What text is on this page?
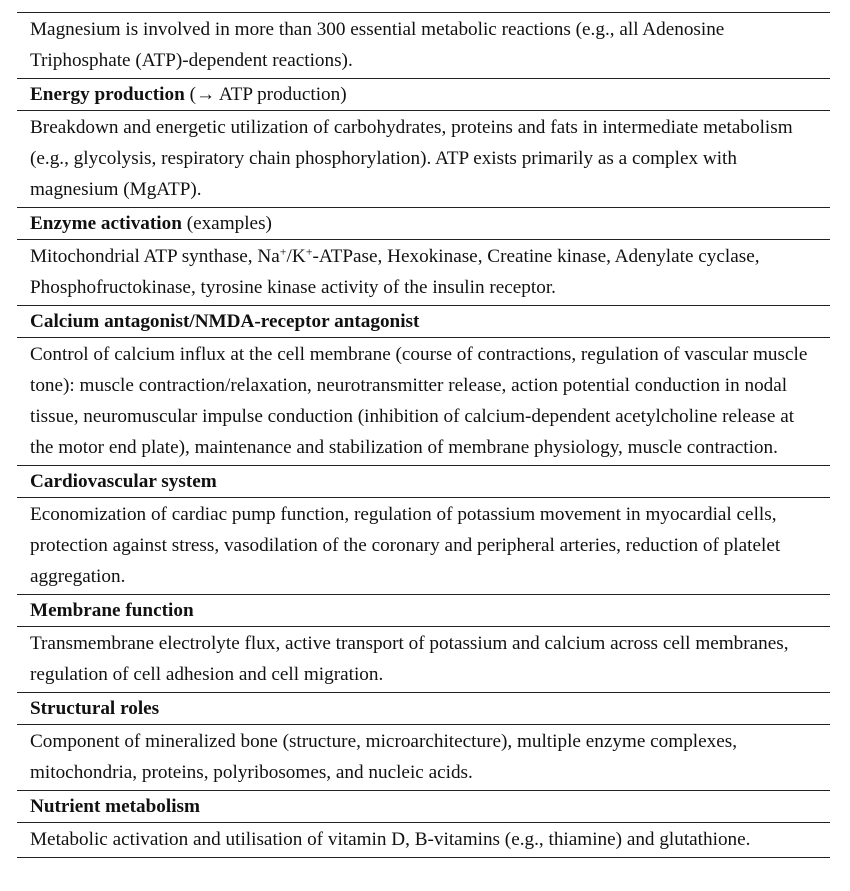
Magnesium is involved in more than 300 essential metabolic reactions (e.g., all Adenosine Triphosphate (ATP)-dependent reactions).
Energy production (→ ATP production)
Breakdown and energetic utilization of carbohydrates, proteins and fats in intermediate metabolism (e.g., glycolysis, respiratory chain phosphorylation). ATP exists primarily as a complex with magnesium (MgATP).
Enzyme activation (examples)
Mitochondrial ATP synthase, Na+/K+-ATPase, Hexokinase, Creatine kinase, Adenylate cyclase, Phosphofructokinase, tyrosine kinase activity of the insulin receptor.
Calcium antagonist/NMDA-receptor antagonist
Control of calcium influx at the cell membrane (course of contractions, regulation of vascular muscle tone): muscle contraction/relaxation, neurotransmitter release, action potential conduction in nodal tissue, neuromuscular impulse conduction (inhibition of calcium-dependent acetylcholine release at the motor end plate), maintenance and stabilization of membrane physiology, muscle contraction.
Cardiovascular system
Economization of cardiac pump function, regulation of potassium movement in myocardial cells, protection against stress, vasodilation of the coronary and peripheral arteries, reduction of platelet aggregation.
Membrane function
Transmembrane electrolyte flux, active transport of potassium and calcium across cell membranes, regulation of cell adhesion and cell migration.
Structural roles
Component of mineralized bone (structure, microarchitecture), multiple enzyme complexes, mitochondria, proteins, polyribosomes, and nucleic acids.
Nutrient metabolism
Metabolic activation and utilisation of vitamin D, B-vitamins (e.g., thiamine) and glutathione.
